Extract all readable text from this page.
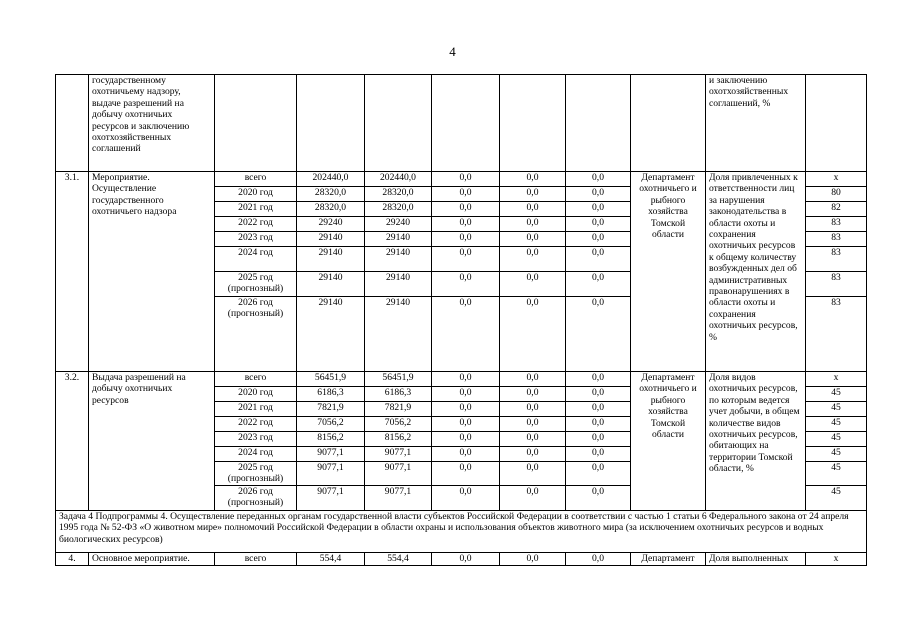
4
	государственному охотничьему надзору, выдаче разрешений на добычу охотничьих ресурсов и заключению охотхозяйственных соглашений								и заключению охотхозяйственных соглашений, %	
3.1.	Мероприятие. Осуществление государственного охотничьего надзора	всего	202440,0	202440,0	0,0	0,0	0,0	Департамент охотничьего и рыбного хозяйства Томской области	Доля привлеченных к ответственности лиц за нарушения законодательства в области охоты и сохранения охотничьих ресурсов к общему количеству возбужденных дел об административных правонарушениях в области охоты и сохранения охотничьих ресурсов, %	x
		2020 год	28320,0	28320,0	0,0	0,0	0,0			80
		2021 год	28320,0	28320,0	0,0	0,0	0,0			82
		2022 год	29240	29240	0,0	0,0	0,0			83
		2023 год	29140	29140	0,0	0,0	0,0			83
		2024 год	29140	29140	0,0	0,0	0,0			83
		2025 год (прогнозный)	29140	29140	0,0	0,0	0,0			83
		2026 год (прогнозный)	29140	29140	0,0	0,0	0,0			83
3.2.	Выдача разрешений на добычу охотничьих ресурсов	всего	56451,9	56451,9	0,0	0,0	0,0	Департамент охотничьего и рыбного хозяйства Томской области	Доля видов охотничьих ресурсов, по которым ведется учет добычи, в общем количестве видов охотничьих ресурсов, обитающих на территории Томской области, %	x
		2020 год	6186,3	6186,3	0,0	0,0	0,0			45
		2021 год	7821,9	7821,9	0,0	0,0	0,0			45
		2022 год	7056,2	7056,2	0,0	0,0	0,0			45
		2023 год	8156,2	8156,2	0,0	0,0	0,0			45
		2024 год	9077,1	9077,1	0,0	0,0	0,0			45
		2025 год (прогнозный)	9077,1	9077,1	0,0	0,0	0,0			45
		2026 год (прогнозный)	9077,1	9077,1	0,0	0,0	0,0			45
Задача 4 Подпрограммы 4. Осуществление переданных органам государственной власти субъектов Российской Федерации в соответствии с частью 1 статьи 6 Федерального закона от 24 апреля 1995 года № 52-ФЗ «О животном мире» полномочий Российской Федерации в области охраны и использования объектов животного мира (за исключением охотничьих ресурсов и водных биологических ресурсов)										
4.	Основное мероприятие.	всего	554,4	554,4	0,0	0,0	0,0	Департамент	Доля выполненных	x
